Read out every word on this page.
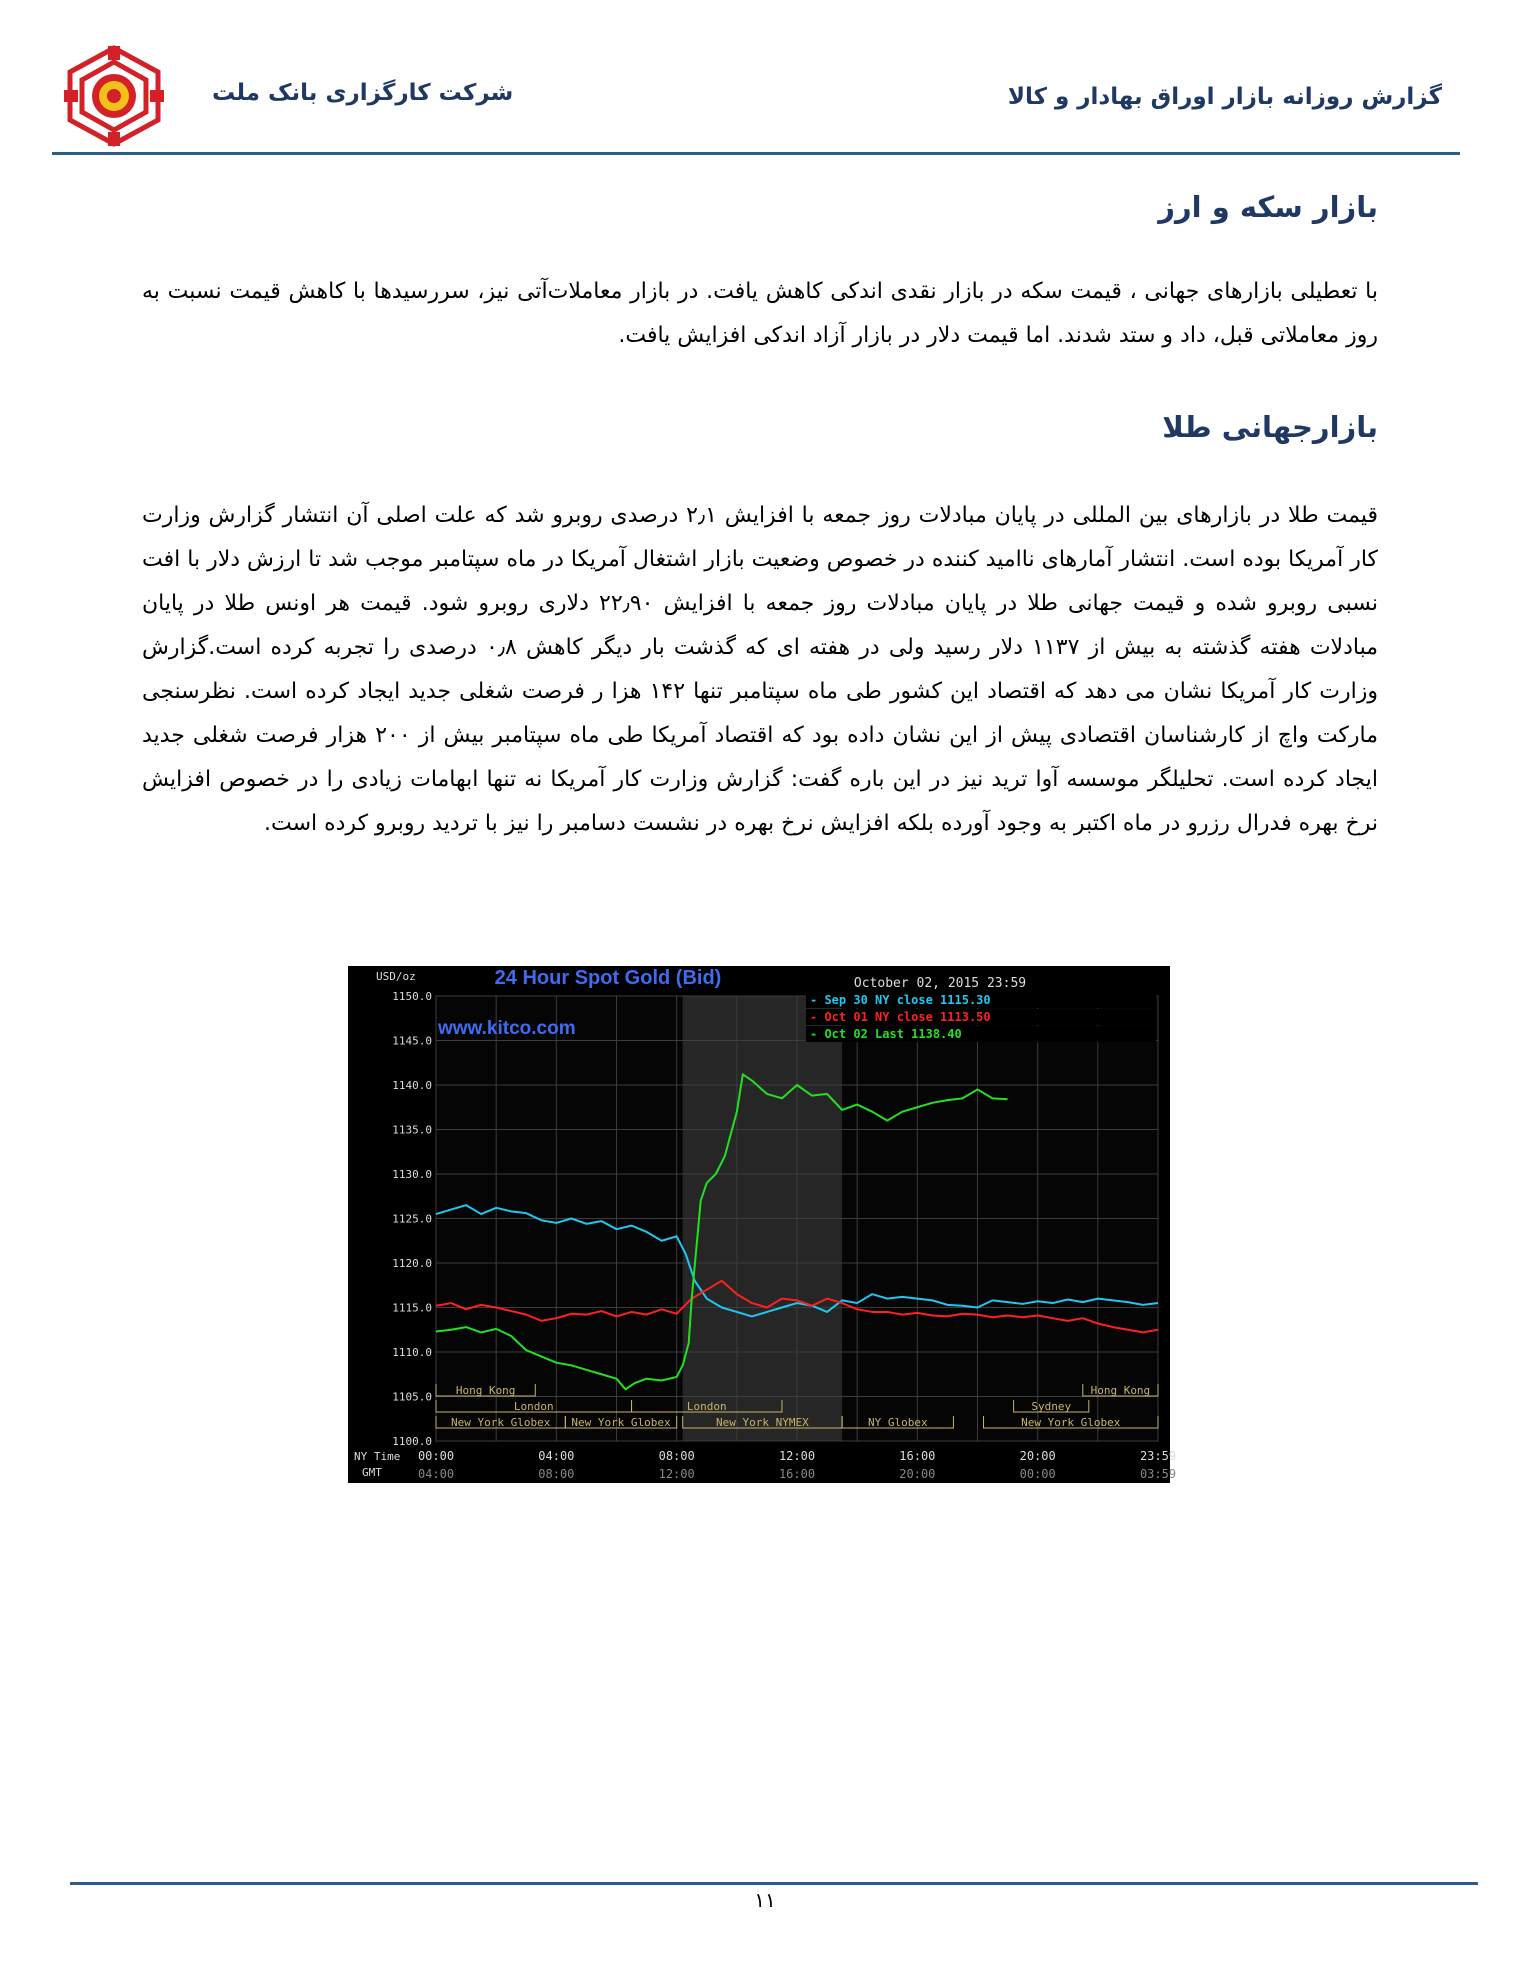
شرکت کارگزاری بانک ملت	گزارش روزانه بازار اوراق بهادار و کالا
بازار سکه و ارز
با تعطیلی بازارهای جهانی ، قیمت سکه در بازار نقدی اندکی کاهش یافت. در بازار معاملات‌آتی نیز، سررسیدها با کاهش قیمت نسبت به روز معاملاتی قبل، داد و ستد شدند. اما قیمت دلار در بازار آزاد اندکی افزایش یافت.
بازارجهانی طلا
قیمت طلا در بازارهای بین المللی در پایان مبادلات روز جمعه با افزایش ۲٫۱ درصدی روبرو شد که علت اصلی آن انتشار گزارش وزارت کار آمریکا بوده است. انتشار آمارهای ناامید کننده در خصوص وضعیت بازار اشتغال آمریکا در ماه سپتامبر موجب شد تا ارزش دلار با افت نسبی روبرو شده و قیمت جهانی طلا در پایان مبادلات روز جمعه با افزایش ۲۲٫۹۰ دلاری روبرو شود. قیمت هر اونس طلا در پایان مبادلات هفته گذشته به بیش از ۱۱۳۷ دلار رسید ولی در هفته ای که گذشت بار دیگر کاهش ۰٫۸ درصدی را تجربه کرده است.گزارش وزارت کار آمریکا نشان می دهد که اقتصاد این کشور طی ماه سپتامبر تنها ۱۴۲ هزا ر فرصت شغلی جدید ایجاد کرده است. نظرسنجی مارکت واچ از کارشناسان اقتصادی پیش از این نشان داده بود که اقتصاد آمریکا طی ماه سپتامبر بیش از ۲۰۰ هزار فرصت شغلی جدید ایجاد کرده است. تحلیلگر موسسه آوا ترید نیز در این باره گفت: گزارش وزارت کار آمریکا نه تنها ابهامات زیادی را در خصوص افزایش نرخ بهره فدرال رزرو در ماه اکتبر به وجود آورده بلکه افزایش نرخ بهره در نشست دسامبر را نیز با تردید روبرو کرده است.
Hong Kong
London	London
New York Globex New York Globex	New York NYMEX	NY Globex
Sydney
Hong Kong
New York Globex
1150.0
1145.0
1140.0
1135.0
1130.0
1125.0
1120.0
1115.0
1110.0
1105.0
1100.0
24 Hour Spot Gold (Bid)
USD/oz	October 02, 2015 23:59
www.kitco.com
- Sep 30 NY close 1115.30
- Oct 01 NY close 1113.50
- Oct 02 Last 1138.40
00:00	04:00	08:00	12:00	16:00	20:00	23:59
04:00	08:00	12:00	16:00	20:00	00:00	03:59
NY Time
GMT
۱۱
